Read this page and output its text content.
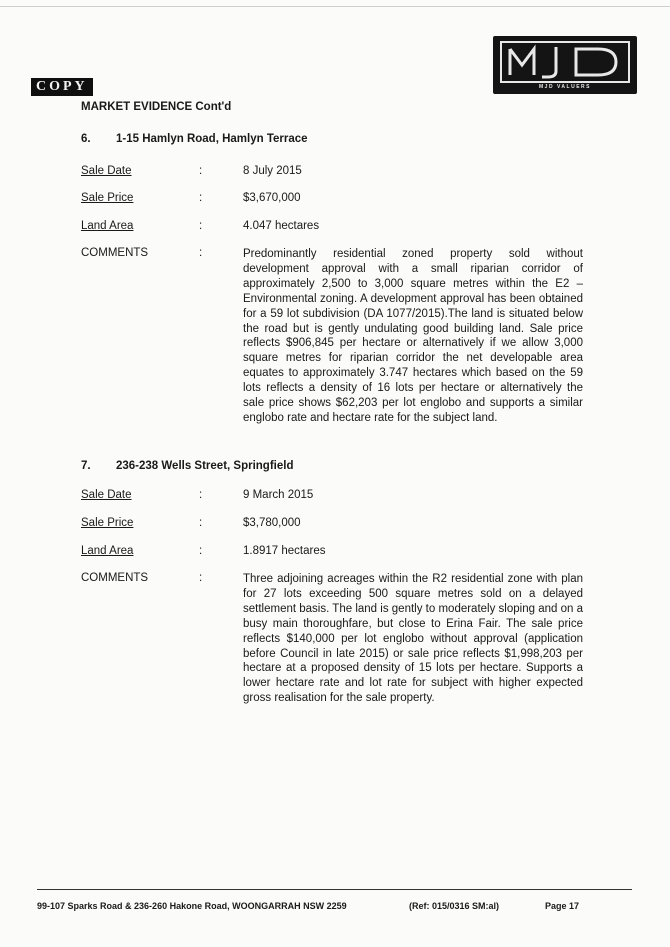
MJD VALUERS
COPY
MARKET EVIDENCE Cont'd
6. 1-15 Hamlyn Road, Hamlyn Terrace
Sale Date	:	8 July 2015
Sale Price	:	$3,670,000
Land Area	:	4.047 hectares
COMMENTS	:	Predominantly residential zoned property sold without development approval with a small riparian corridor of approximately 2,500 to 3,000 square metres within the E2 – Environmental zoning. A development approval has been obtained for a 59 lot subdivision (DA 1077/2015).The land is situated below the road but is gently undulating good building land. Sale price reflects $906,845 per hectare or alternatively if we allow 3,000 square metres for riparian corridor the net developable area equates to approximately 3.747 hectares which based on the 59 lots reflects a density of 16 lots per hectare or alternatively the sale price shows $62,203 per lot englobo and supports a similar englobo rate and hectare rate for the subject land.

7. 236-238 Wells Street, Springfield
Sale Date	:	9 March 2015
Sale Price	:	$3,780,000
Land Area	:	1.8917 hectares
COMMENTS	:	Three adjoining acreages within the R2 residential zone with plan for 27 lots exceeding 500 square metres sold on a delayed settlement basis. The land is gently to moderately sloping and on a busy main thoroughfare, but close to Erina Fair. The sale price reflects $140,000 per lot englobo without approval (application before Council in late 2015) or sale price reflects $1,998,203 per hectare at a proposed density of 15 lots per hectare. Supports a lower hectare rate and lot rate for subject with higher expected gross realisation for the sale property.

99-107 Sparks Road & 236-260 Hakone Road, WOONGARRAH NSW 2259	(Ref: 015/0316 SM:al)	Page 17
